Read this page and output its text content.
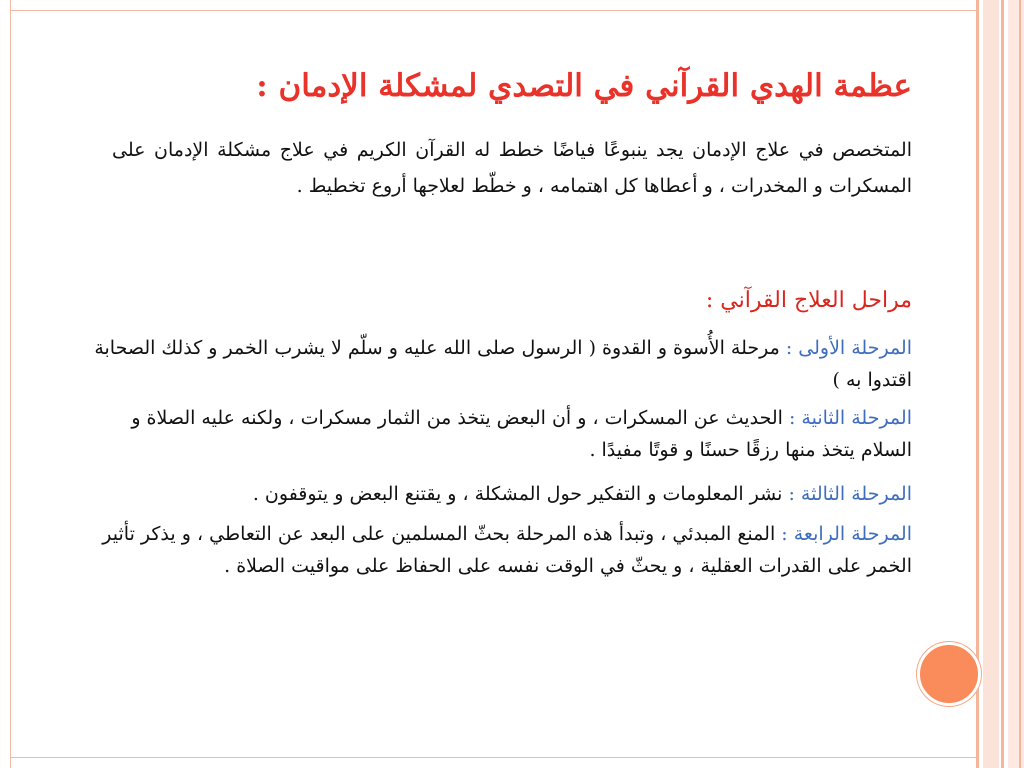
عظمة الهدي القرآني في التصدي لمشكلة الإدمان :
المتخصص في علاج الإدمان يجد ينبوعًا فياضًا خطط له القرآن الكريم في علاج مشكلة الإدمان على المسكرات و المخدرات ، و أعطاها كل اهتمامه ، و خطّط لعلاجها أروع تخطيط .
مراحل العلاج القرآني :
المرحلة الأولى : مرحلة الأُسوة و القدوة ( الرسول صلى الله عليه و سلّم لا يشرب الخمر و كذلك الصحابة اقتدوا به )
المرحلة الثانية : الحديث عن المسكرات ، و أن البعض يتخذ من الثمار مسكرات ، ولكنه عليه الصلاة و السلام يتخذ منها رزقًا حسنًا و قوتًا مفيدًا .
المرحلة الثالثة : نشر المعلومات و التفكير حول المشكلة ، و يقتنع البعض و يتوقفون .
المرحلة الرابعة : المنع المبدئي ، وتبدأ هذه المرحلة بحثّ المسلمين على البعد عن التعاطي ، و يذكر تأثير الخمر على القدرات العقلية ، و يحثّ في الوقت نفسه على الحفاظ على مواقيت الصلاة .
